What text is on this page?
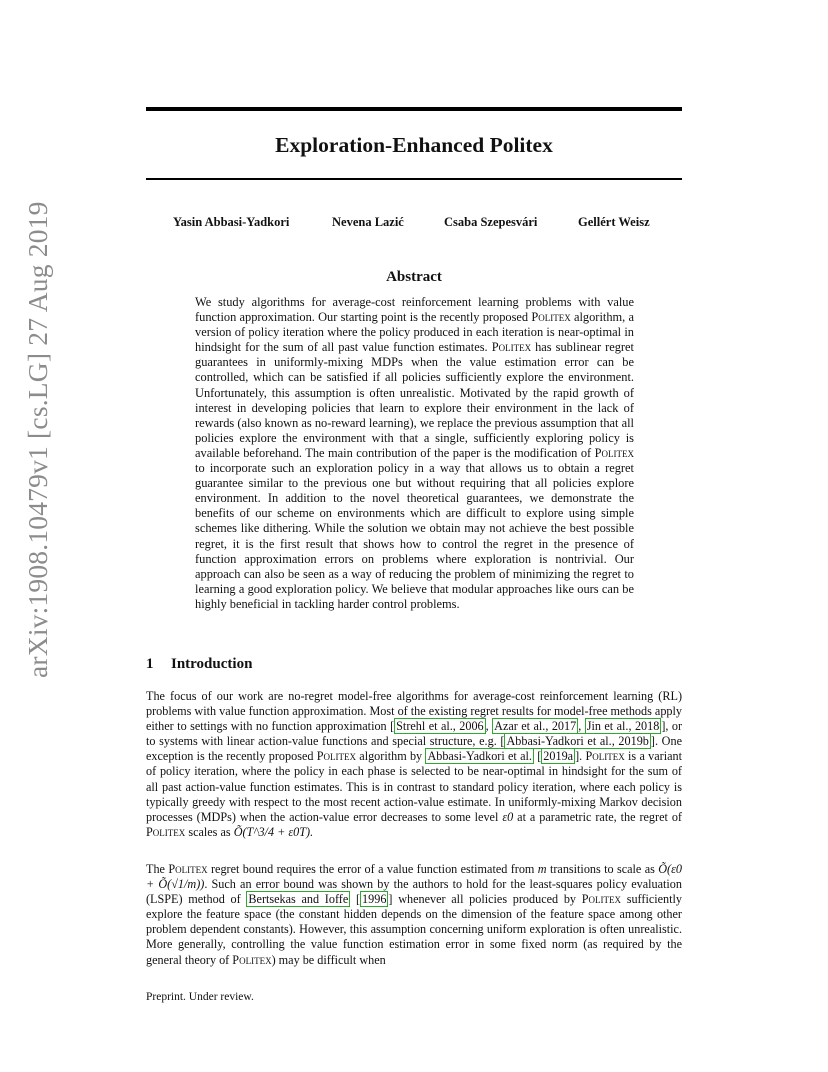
arXiv:1908.10479v1 [cs.LG] 27 Aug 2019
Exploration-Enhanced Politex
Yasin Abbasi-Yadkori	Nevena Lazić	Csaba Szepesvári	Gellért Weisz
Abstract

We study algorithms for average-cost reinforcement learning problems with value function approximation. Our starting point is the recently proposed Politex algorithm, a version of policy iteration where the policy produced in each iteration is near-optimal in hindsight for the sum of all past value function estimates. Politex has sublinear regret guarantees in uniformly-mixing MDPs when the value estimation error can be controlled, which can be satisfied if all policies sufficiently explore the environment. Unfortunately, this assumption is often unrealistic. Motivated by the rapid growth of interest in developing policies that learn to explore their environment in the lack of rewards (also known as no-reward learning), we replace the previous assumption that all policies explore the environment with that a single, sufficiently exploring policy is available beforehand. The main contribution of the paper is the modification of Politex to incorporate such an exploration policy in a way that allows us to obtain a regret guarantee similar to the previous one but without requiring that all policies explore environment. In addition to the novel theoretical guarantees, we demonstrate the benefits of our scheme on environments which are difficult to explore using simple schemes like dithering. While the solution we obtain may not achieve the best possible regret, it is the first result that shows how to control the regret in the presence of function approximation errors on problems where exploration is nontrivial. Our approach can also be seen as a way of reducing the problem of minimizing the regret to learning a good exploration policy. We believe that modular approaches like ours can be highly beneficial in tackling harder control problems.

1 Introduction

The focus of our work are no-regret model-free algorithms for average-cost reinforcement learning (RL) problems with value function approximation. Most of the existing regret results for model-free methods apply either to settings with no function approximation [ Strehl et al., 2006 , Azar et al., 2017 , Jin et al., 2018 ], or to systems with linear action-value functions and special structure, e.g. [ Abbasi-Yadkori et al., 2019b ]. One exception is the recently proposed Politex algorithm by Abbasi-Yadkori et al. [ 2019a ]. Politex is a variant of policy iteration, where the policy in each phase is selected to be near-optimal in hindsight for the sum of all past action-value function estimates. This is in contrast to standard policy iteration, where each policy is typically greedy with respect to the most recent action-value estimate. In uniformly-mixing Markov decision processes (MDPs) when the action-value error decreases to some level ε0 at a parametric rate, the regret of Politex scales as Õ(T^3/4 + ε0T).

The Politex regret bound requires the error of a value function estimated from m transitions to scale as Õ(ε0 + Õ(√1/m)). Such an error bound was shown by the authors to hold for the least-squares policy evaluation (LSPE) method of Bertsekas and Ioffe [ 1996 ] whenever all policies produced by Politex sufficiently explore the feature space (the constant hidden depends on the dimension of the feature space among other problem dependent constants). However, this assumption concerning uniform exploration is often unrealistic. More generally, controlling the value function estimation error in some fixed norm (as required by the general theory of Politex) may be difficult when

Preprint. Under review.
